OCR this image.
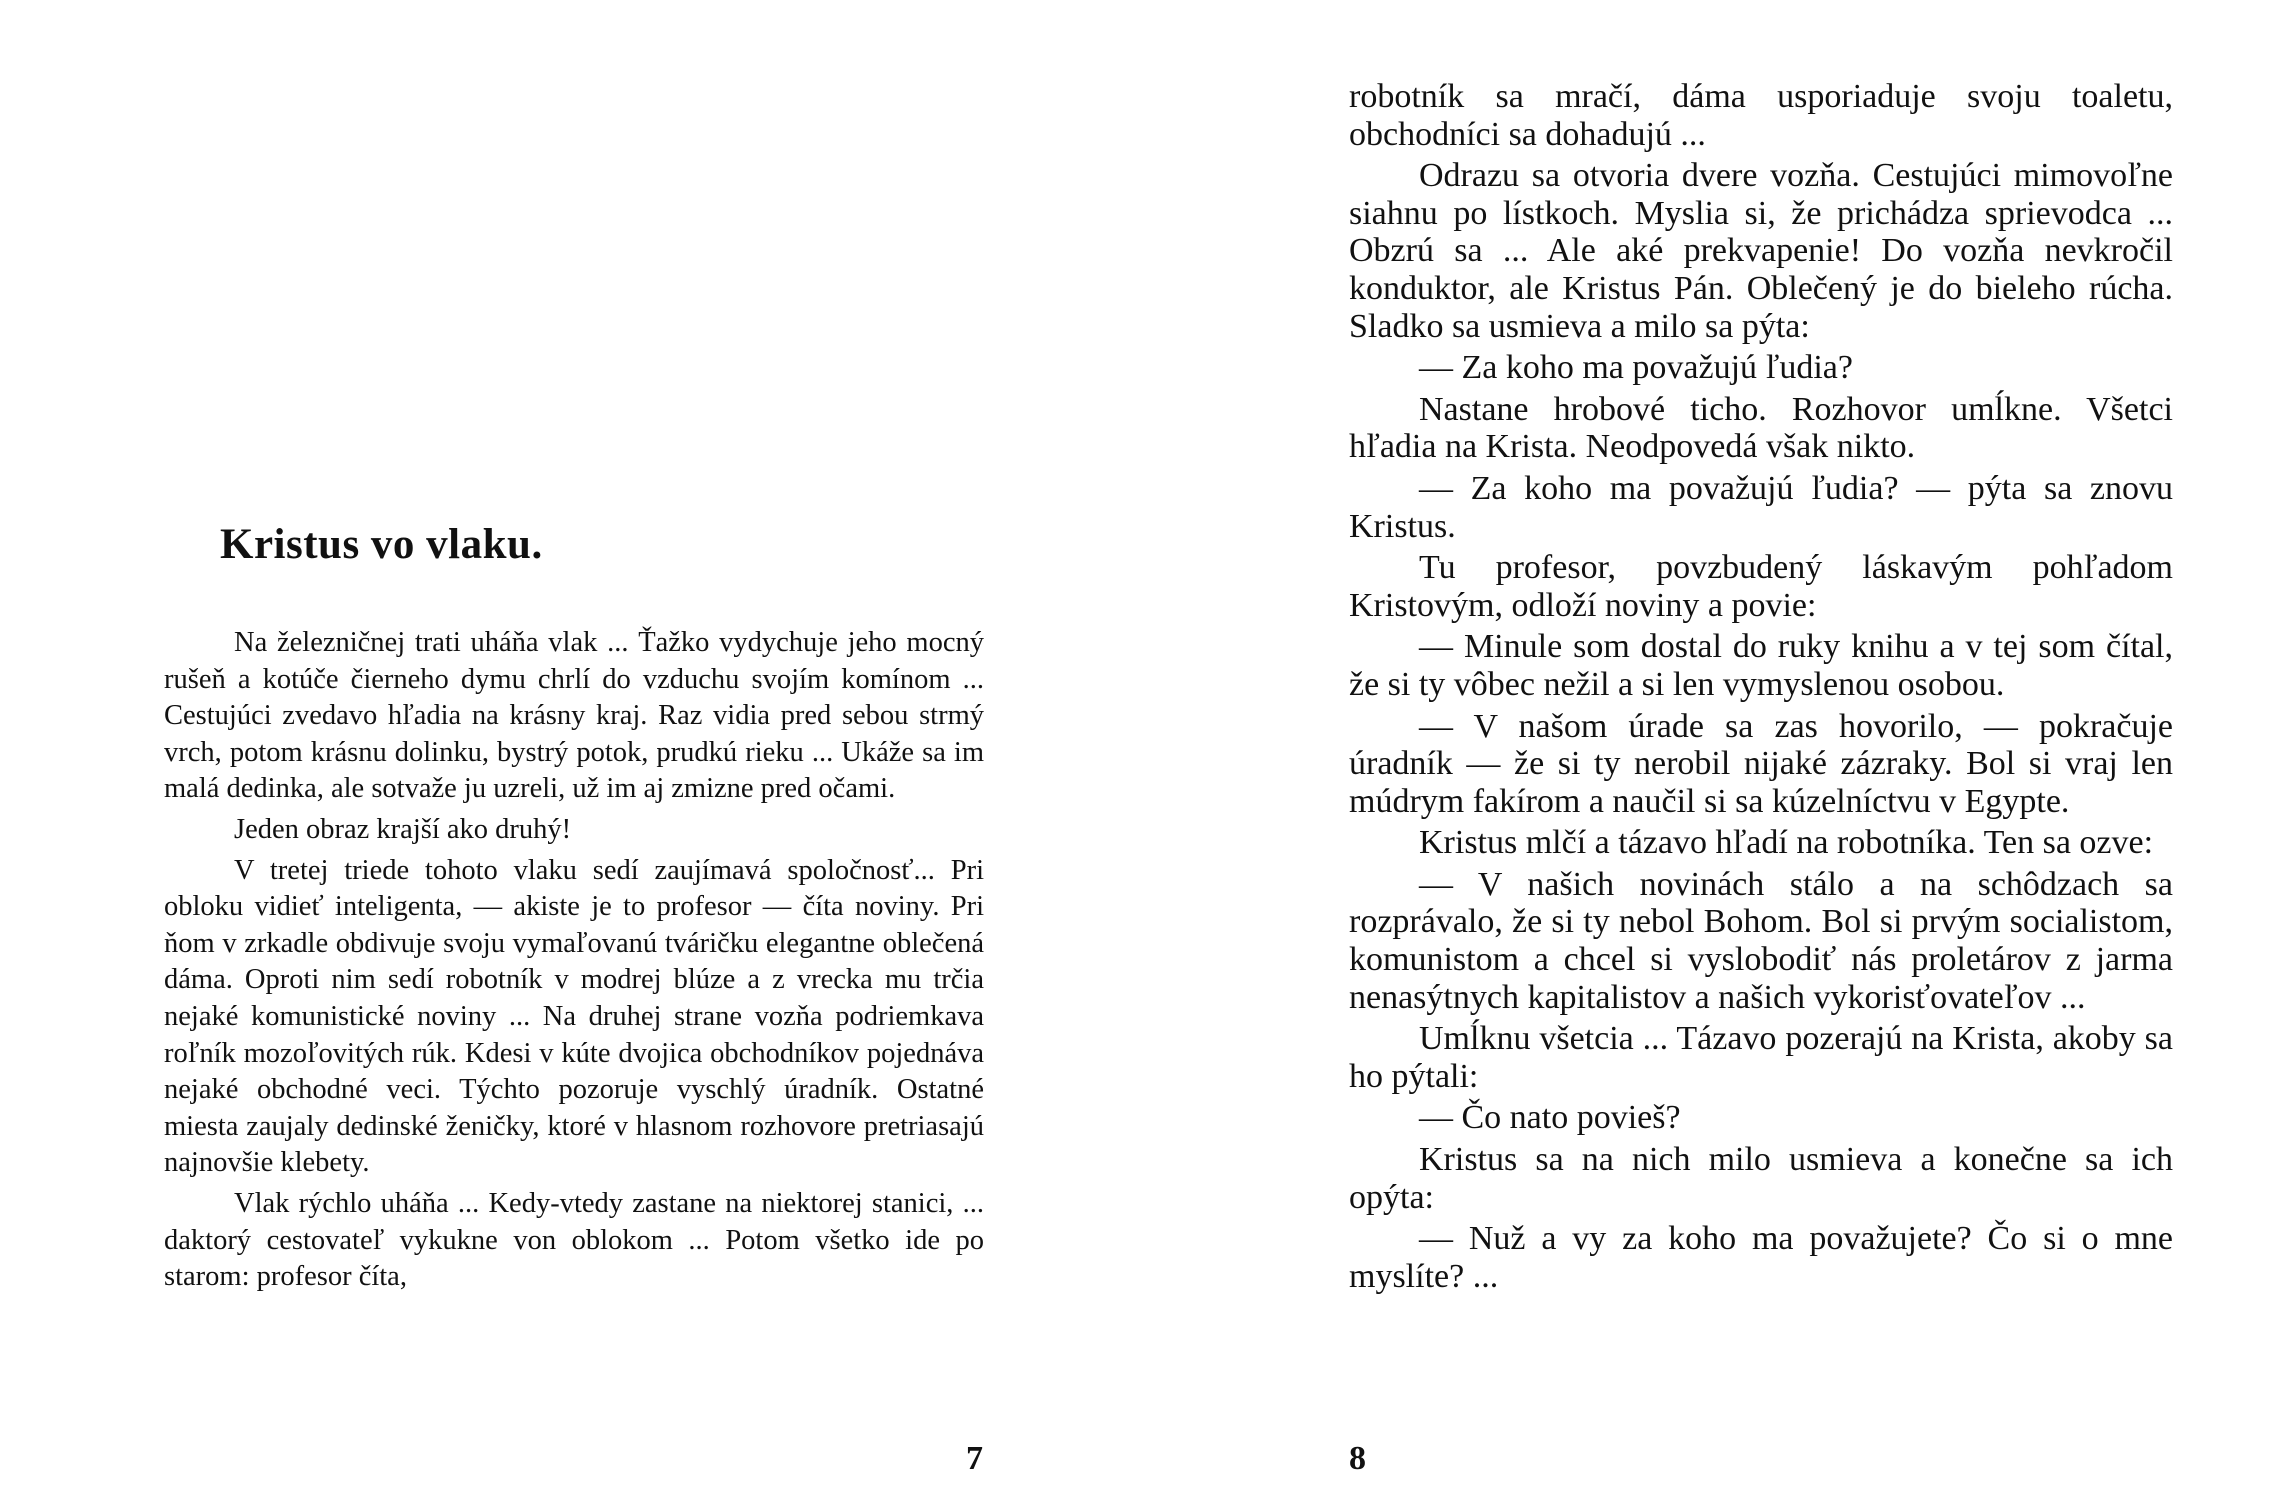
Kristus vo vlaku.

Na železničnej trati uháňa vlak ... Ťažko vydychuje jeho mocný rušeň a kotúče čierneho dymu chrlí do vzduchu svojím komínom ... Cestujúci zvedavo hľadia na krásny kraj. Raz vidia pred sebou strmý vrch, potom krásnu dolinku, bystrý potok, prudkú rieku ... Ukáže sa im malá dedinka, ale sotvaže ju uzreli, už im aj zmizne pred očami.

Jeden obraz krajší ako druhý!

V tretej triede tohoto vlaku sedí zaujímavá spoločnosť... Pri obloku vidieť inteligenta, — akiste je to profesor — číta noviny. Pri ňom v zrkadle obdivuje svoju vymaľovanú tváričku elegantne oblečená dáma. Oproti nim sedí robotník v modrej blúze a z vrecka mu trčia nejaké komunistické noviny ... Na druhej strane vozňa podriemkava roľník mozoľovitých rúk. Kdesi v kúte dvojica obchodníkov pojednáva nejaké obchodné veci. Týchto pozoruje vyschlý úradník. Ostatné miesta zaujaly dedinské ženičky, ktoré v hlasnom rozhovore pretriasajú najnovšie klebety.

Vlak rýchlo uháňa ... Kedy-vtedy zastane na niektorej stanici, ... daktorý cestovateľ vykukne von oblokom ... Potom všetko ide po starom: profesor číta,

7

robotník sa mračí, dáma usporiaduje svoju toaletu, obchodníci sa dohadujú ...

Odrazu sa otvoria dvere vozňa. Cestujúci mimovoľne siahnu po lístkoch. Myslia si, že prichádza sprievodca ... Obzrú sa ... Ale aké prekvapenie! Do vozňa nevkročil konduktor, ale Kristus Pán. Oblečený je do bieleho rúcha. Sladko sa usmieva a milo sa pýta:

— Za koho ma považujú ľudia?

Nastane hrobové ticho. Rozhovor umĺkne. Všetci hľadia na Krista. Neodpovedá však nikto.

— Za koho ma považujú ľudia? — pýta sa znovu Kristus.

Tu profesor, povzbudený láskavým pohľadom Kristovým, odloží noviny a povie:

— Minule som dostal do ruky knihu a v tej som čítal, že si ty vôbec nežil a si len vymyslenou osobou.

— V našom úrade sa zas hovorilo, — pokračuje úradník — že si ty nerobil nijaké zázraky. Bol si vraj len múdrym fakírom a naučil si sa kúzelníctvu v Egypte.

Kristus mlčí a tázavo hľadí na robotníka. Ten sa ozve:

— V našich novinách stálo a na schôdzach sa rozprávalo, že si ty nebol Bohom. Bol si prvým socialistom, komunistom a chcel si vyslobodiť nás proletárov z jarma nenasýtnych kapitalistov a našich vykorisťovateľov ...

Umĺknu všetcia ... Tázavo pozerajú na Krista, akoby sa ho pýtali:

— Čo nato povieš?

Kristus sa na nich milo usmieva a konečne sa ich opýta:

— Nuž a vy za koho ma považujete? Čo si o mne myslíte? ...

8
